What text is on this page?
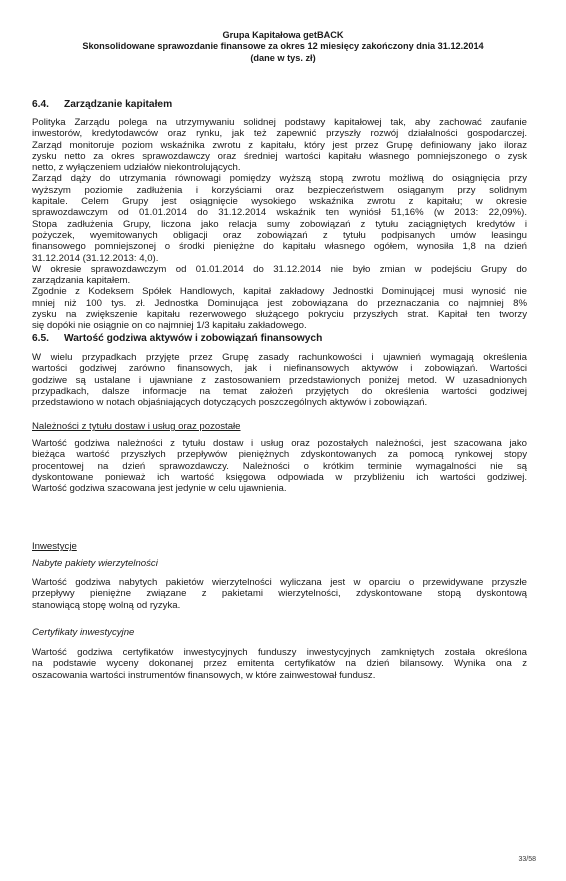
Grupa Kapitałowa getBACK
Skonsolidowane sprawozdanie finansowe za okres 12 miesięcy zakończony dnia 31.12.2014
(dane w tys. zł)
6.4. Zarządzanie kapitałem
Polityka Zarządu polega na utrzymywaniu solidnej podstawy kapitałowej tak, aby zachować zaufanie
inwestorów, kredytodawców oraz rynku, jak też zapewnić przyszły rozwój działalności gospodarczej.
Zarząd monitoruje poziom wskaźnika zwrotu z kapitału, który jest przez Grupę definiowany jako iloraz
zysku netto za okres sprawozdawczy oraz średniej wartości kapitału własnego pomniejszonego o zysk
netto, z wyłączeniem udziałów niekontrolujących.
Zarząd dąży do utrzymania równowagi pomiędzy wyższą stopą zwrotu możliwą do osiągnięcia przy
wyższym poziomie zadłużenia i korzyściami oraz bezpieczeństwem osiąganym przy solidnym
kapitale. Celem Grupy jest osiągnięcie wysokiego wskaźnika zwrotu z kapitału; w okresie
sprawozdawczym od 01.01.2014 do 31.12.2014 wskaźnik ten wyniósł 51,16% (w 2013: 22,09%).
Stopa zadłużenia Grupy, liczona jako relacja sumy zobowiązań z tytułu zaciągniętych kredytów i
pożyczek, wyemitowanych obligacji oraz zobowiązań z tytułu podpisanych umów leasingu
finansowego pomniejszonej o środki pieniężne do kapitału własnego ogółem, wynosiła 1,8 na dzień
31.12.2014 (31.12.2013: 4,0).
W okresie sprawozdawczym od 01.01.2014 do 31.12.2014 nie było zmian w podejściu Grupy do
zarządzania kapitałem.
Zgodnie z Kodeksem Spółek Handlowych, kapitał zakładowy Jednostki Dominującej musi wynosić nie
mniej niż 100 tys. zł. Jednostka Dominująca jest zobowiązana do przeznaczania co najmniej 8%
zysku na zwiększenie kapitału rezerwowego służącego pokryciu przyszłych strat. Kapitał ten tworzy
się dopóki nie osiągnie on co najmniej 1/3 kapitału zakładowego.
6.5. Wartość godziwa aktywów i zobowiązań finansowych
W wielu przypadkach przyjęte przez Grupę zasady rachunkowości i ujawnień wymagają określenia
wartości godziwej zarówno finansowych, jak i niefinansowych aktywów i zobowiązań. Wartości
godziwe są ustalane i ujawniane z zastosowaniem przedstawionych poniżej metod. W uzasadnionych
przypadkach, dalsze informacje na temat założeń przyjętych do określenia wartości godziwej
przedstawiono w notach objaśniających dotyczących poszczególnych aktywów i zobowiązań.
Należności z tytułu dostaw i usług oraz pozostałe
Wartość godziwa należności z tytułu dostaw i usług oraz pozostałych należności, jest szacowana jako
bieżąca wartość przyszłych przepływów pieniężnych zdyskontowanych za pomocą rynkowej stopy
procentowej na dzień sprawozdawczy. Należności o krótkim terminie wymagalności nie są
dyskontowane ponieważ ich wartość księgowa odpowiada w przybliżeniu ich wartości godziwej.
Wartość godziwa szacowana jest jedynie w celu ujawnienia.
Inwestycje
Nabyte pakiety wierzytelności
Wartość godziwa nabytych pakietów wierzytelności wyliczana jest w oparciu o przewidywane przyszłe
przepływy pieniężne związane z pakietami wierzytelności, zdyskontowane stopą dyskontową
stanowiącą stopę wolną od ryzyka.
Certyfikaty inwestycyjne
Wartość godziwa certyfikatów inwestycyjnych funduszy inwestycyjnych zamkniętych została określona
na podstawie wyceny dokonanej przez emitenta certyfikatów na dzień bilansowy. Wynika ona z
oszacowania wartości instrumentów finansowych, w które zainwestował fundusz.
33/58
